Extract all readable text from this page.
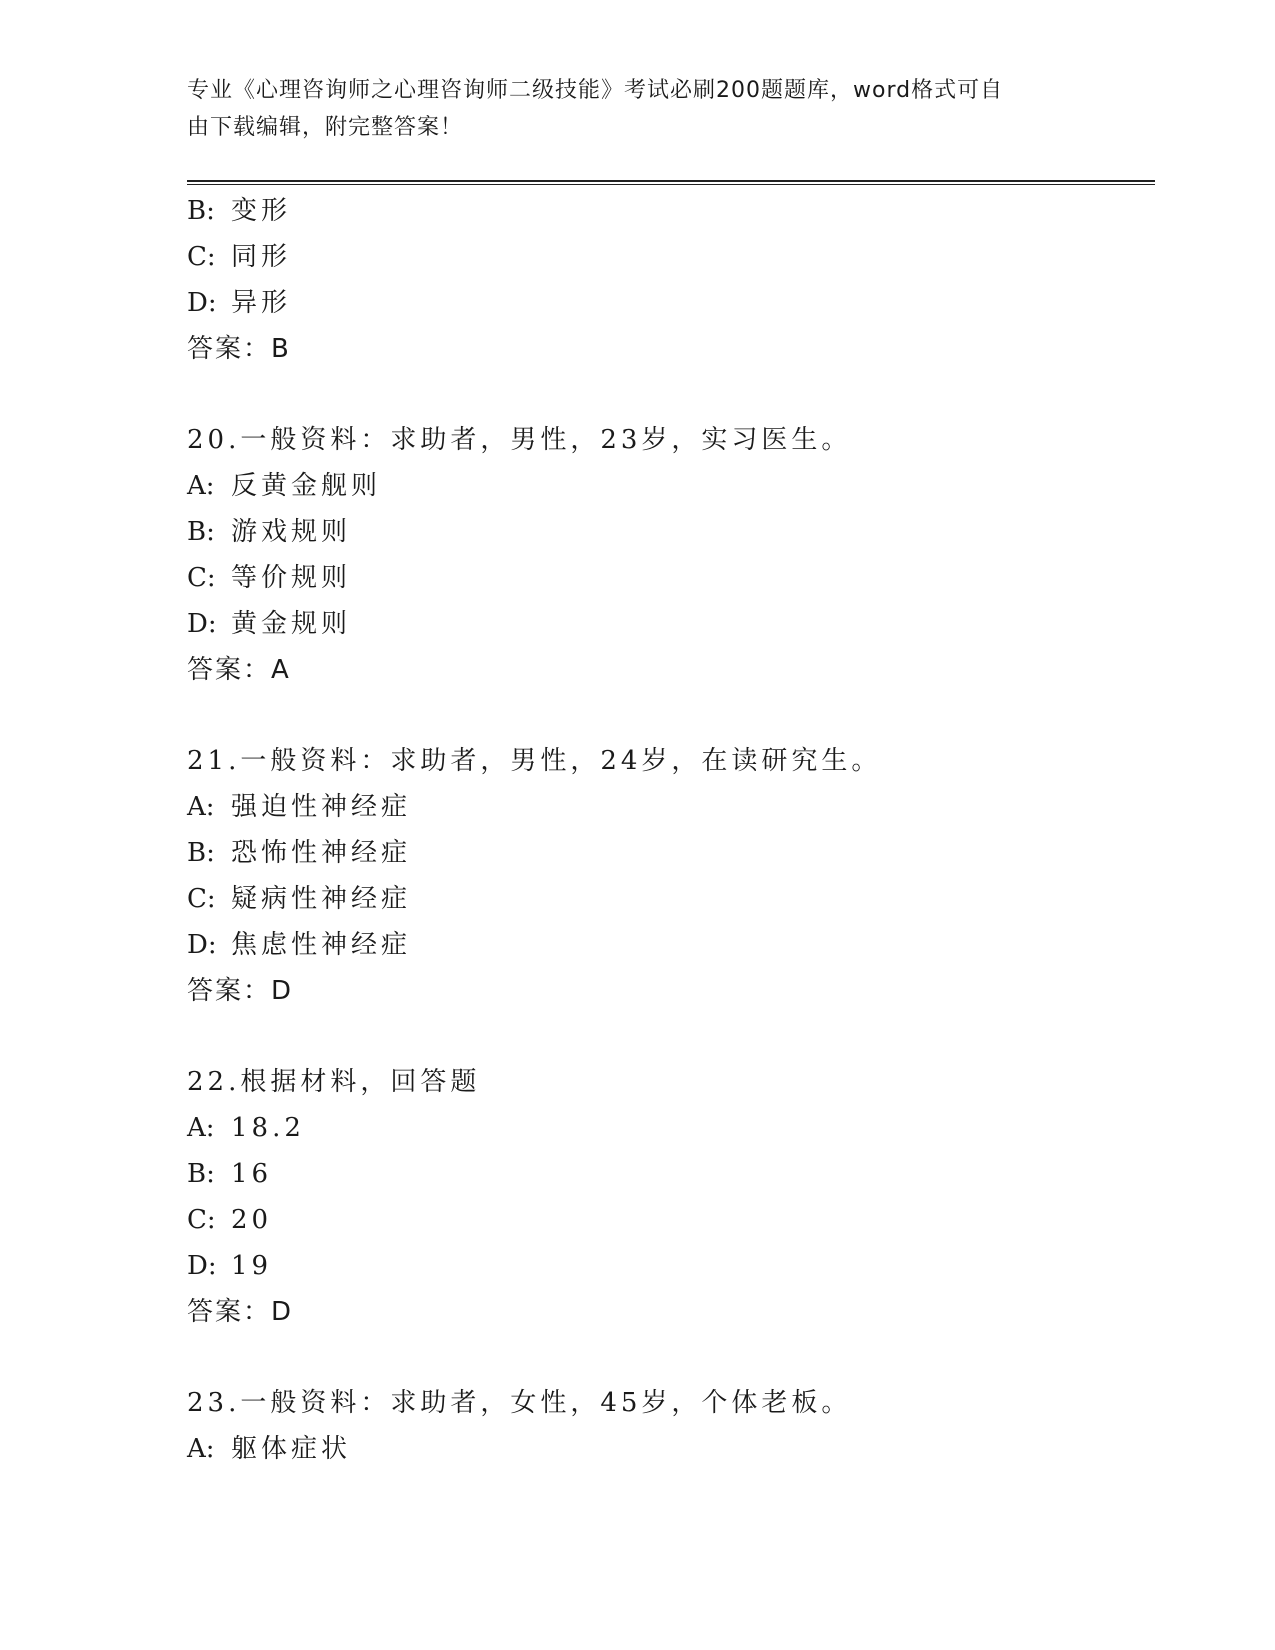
专业《心理咨询师之心理咨询师二级技能》考试必刷200题题库，word格式可自
由下载编辑，附完整答案！
B: 变形
C: 同形
D: 异形
答案：B
20.一般资料：求助者，男性，23岁，实习医生。
A: 反黄金舰则
B: 游戏规则
C: 等价规则
D: 黄金规则
答案：A
21.一般资料：求助者，男性，24岁，在读研究生。
A: 强迫性神经症
B: 恐怖性神经症
C: 疑病性神经症
D: 焦虑性神经症
答案：D
22.根据材料，回答题
A: 18.2
B: 16
C: 20
D: 19
答案：D
23.一般资料：求助者，女性，45岁，个体老板。
A: 躯体症状
